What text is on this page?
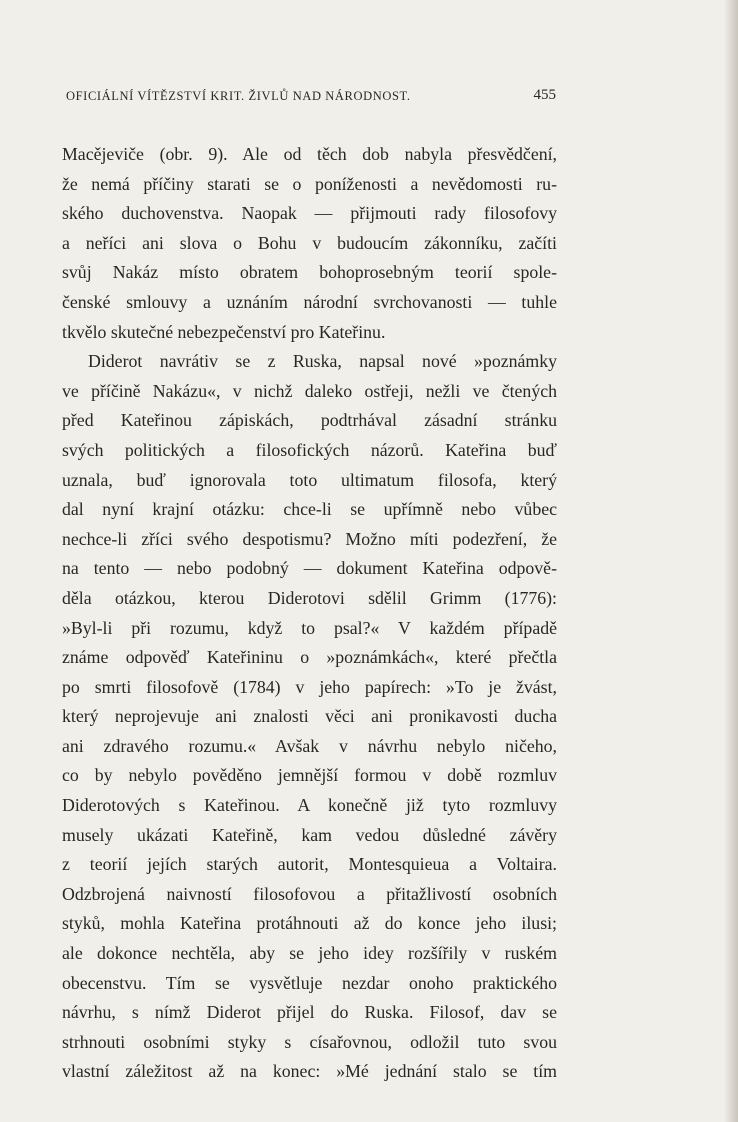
OFICIÁLNÍ VÍTĚZSTVÍ KRIT. ŽIVLŮ NAD NÁRODNOST.	455
Macějeviče (obr. 9). Ale od těch dob nabyla přesvědčení,
že nemá příčiny starati se o poníženosti a nevědomosti ru-
ského duchovenstva. Naopak — přijmouti rady filosofovy
a neříci ani slova o Bohu v budoucím zákonníku, začíti
svůj Nakáz místo obratem bohoprosebným teorií spole-
čenské smlouvy a uznáním národní svrchovanosti — tuhle
tkvělo skutečné nebezpečenství pro Kateřinu.
Diderot navrátiv se z Ruska, napsal nové »poznámky
ve příčině Nakázu«, v nichž daleko ostřeji, nežli ve čtených
před Kateřinou zápiskách, podtrhával zásadní stránku
svých politických a filosofických názorů. Kateřina buď
uznala, buď ignorovala toto ultimatum filosofa, který
dal nyní krajní otázku: chce-li se upřímně nebo vůbec
nechce-li zříci svého despotismu? Možno míti podezření, že
na tento — nebo podobný — dokument Kateřina odpově-
děla otázkou, kterou Diderotovi sdělil Grimm (1776):
»Byl-li při rozumu, když to psal?« V každém případě
známe odpověď Kateřininu o »poznámkách«, které přečtla
po smrti filosofově (1784) v jeho papírech: »To je žvást,
který neprojevuje ani znalosti věci ani pronikavosti ducha
ani zdravého rozumu.« Avšak v návrhu nebylo ničeho,
co by nebylo pověděno jemnější formou v době rozmluv
Diderotových s Kateřinou. A konečně již tyto rozmluvy
musely ukázati Kateřině, kam vedou důsledné závěry
z teorií jejích starých autorit, Montesquieua a Voltaira.
Odzbrojená naivností filosofovou a přitažlivostí osobních
styků, mohla Kateřina protáhnouti až do konce jeho ilusi;
ale dokonce nechtěla, aby se jeho idey rozšířily v ruském
obecenstvu. Tím se vysvětluje nezdar onoho praktického
návrhu, s nímž Diderot přijel do Ruska. Filosof, dav se
strhnouti osobními styky s císařovnou, odložil tuto svou
vlastní záležitost až na konec: »Mé jednání stalo se tím
